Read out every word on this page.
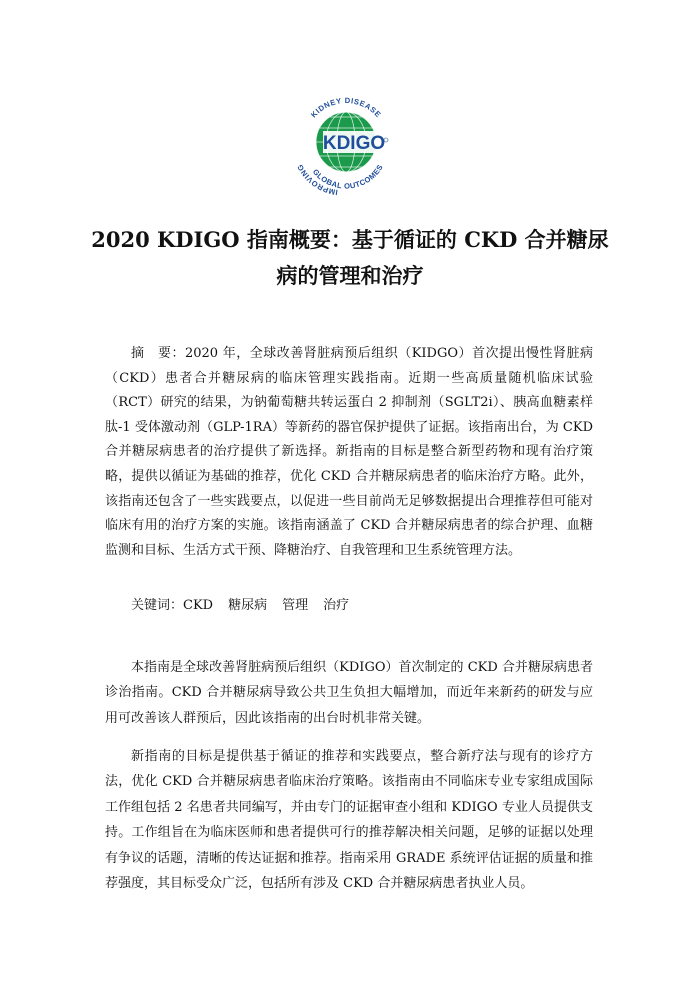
KDIGO
KIDNEY DISEASE
IMPROVING GLOBAL OUTCOMES
2020 KDIGO 指南概要：基于循证的 CKD 合并糖尿
病的管理和治疗

摘　要：2020 年，全球改善肾脏病预后组织（KIDGO）首次提出慢性肾脏病（CKD）患者合并糖尿病的临床管理实践指南。近期一些高质量随机临床试验（RCT）研究的结果，为钠葡萄糖共转运蛋白 2 抑制剂（SGLT2i）、胰高血糖素样肽-1 受体激动剂（GLP-1RA）等新药的器官保护提供了证据。该指南出台，为 CKD 合并糖尿病患者的治疗提供了新选择。新指南的目标是整合新型药物和现有治疗策略，提供以循证为基础的推荐，优化 CKD 合并糖尿病患者的临床治疗方略。此外，该指南还包含了一些实践要点，以促进一些目前尚无足够数据提出合理推荐但可能对临床有用的治疗方案的实施。该指南涵盖了 CKD 合并糖尿病患者的综合护理、血糖监测和目标、生活方式干预、降糖治疗、自我管理和卫生系统管理方法。

关键词：CKD 糖尿病 管理 治疗

本指南是全球改善肾脏病预后组织（KDIGO）首次制定的 CKD 合并糖尿病患者诊治指南。CKD 合并糖尿病导致公共卫生负担大幅增加，而近年来新药的研发与应用可改善该人群预后，因此该指南的出台时机非常关键。

新指南的目标是提供基于循证的推荐和实践要点，整合新疗法与现有的诊疗方法，优化 CKD 合并糖尿病患者临床治疗策略。该指南由不同临床专业专家组成国际工作组包括 2 名患者共同编写，并由专门的证据审查小组和 KDIGO 专业人员提供支持。工作组旨在为临床医师和患者提供可行的推荐解决相关问题，足够的证据以处理有争议的话题，清晰的传达证据和推荐。指南采用 GRADE 系统评估证据的质量和推荐强度，其目标受众广泛，包括所有涉及 CKD 合并糖尿病患者执业人员。
